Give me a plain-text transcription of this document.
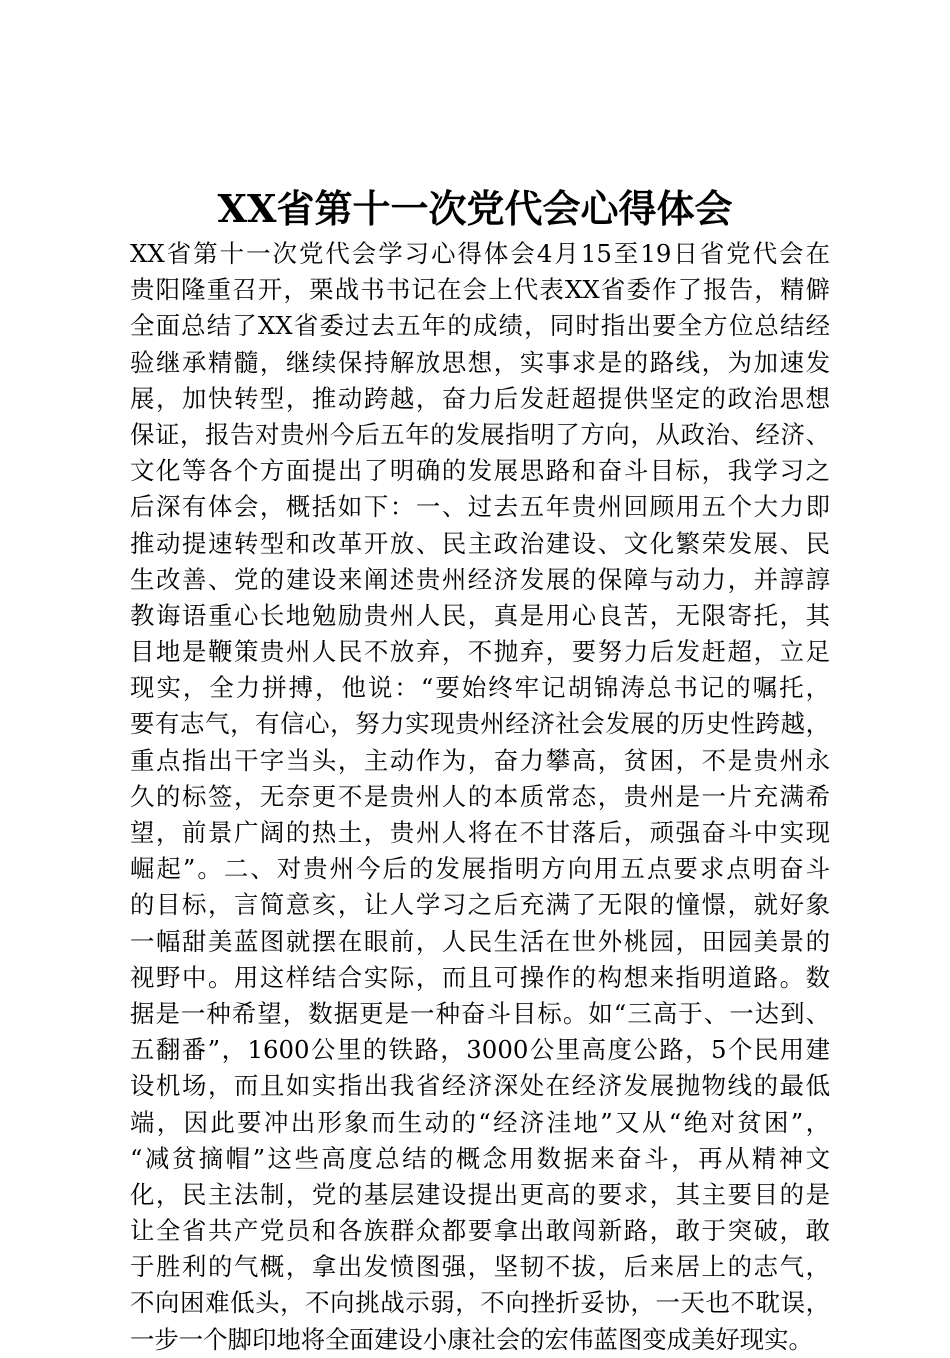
XX省第十一次党代会心得体会
XX省第十一次党代会学习心得体会4月15至19日省党代会在
贵阳隆重召开，栗战书书记在会上代表XX省委作了报告，精僻
全面总结了XX省委过去五年的成绩，同时指出要全方位总结经
验继承精髓，继续保持解放思想，实事求是的路线，为加速发
展，加快转型，推动跨越，奋力后发赶超提供坚定的政治思想
保证，报告对贵州今后五年的发展指明了方向，从政治、经济、
文化等各个方面提出了明确的发展思路和奋斗目标，我学习之
后深有体会，概括如下：一、过去五年贵州回顾用五个大力即
推动提速转型和改革开放、民主政治建设、文化繁荣发展、民
生改善、党的建设来阐述贵州经济发展的保障与动力，并諄諄
教诲语重心长地勉励贵州人民，真是用心良苦，无限寄托，其
目地是鞭策贵州人民不放弃，不抛弃，要努力后发赶超，立足
现实，全力拼搏，他说：“要始终牢记胡锦涛总书记的嘱托，
要有志气，有信心，努力实现贵州经济社会发展的历史性跨越，
重点指出干字当头，主动作为，奋力攀高，贫困，不是贵州永
久的标签，无奈更不是贵州人的本质常态，贵州是一片充满希
望，前景广阔的热土，贵州人将在不甘落后，顽强奋斗中实现
崛起”。二、对贵州今后的发展指明方向用五点要求点明奋斗
的目标，言简意亥，让人学习之后充满了无限的憧憬，就好象
一幅甜美蓝图就摆在眼前，人民生活在世外桃园，田园美景的
视野中。用这样结合实际，而且可操作的构想来指明道路。数
据是一种希望，数据更是一种奋斗目标。如“三高于、一达到、
五翻番”，1600公里的铁路，3000公里高度公路，5个民用建
设机场，而且如实指出我省经济深处在经济发展抛物线的最低
端，因此要冲出形象而生动的“经济洼地”又从“绝对贫困”，
“减贫摘帽”这些高度总结的概念用数据来奋斗，再从精神文
化，民主法制，党的基层建设提出更高的要求，其主要目的是
让全省共产党员和各族群众都要拿出敢闯新路，敢于突破，敢
于胜利的气概，拿出发愤图强，坚韧不拔，后来居上的志气，
不向困难低头，不向挑战示弱，不向挫折妥协，一天也不耽误，
一步一个脚印地将全面建设小康社会的宏伟蓝图变成美好现实。
